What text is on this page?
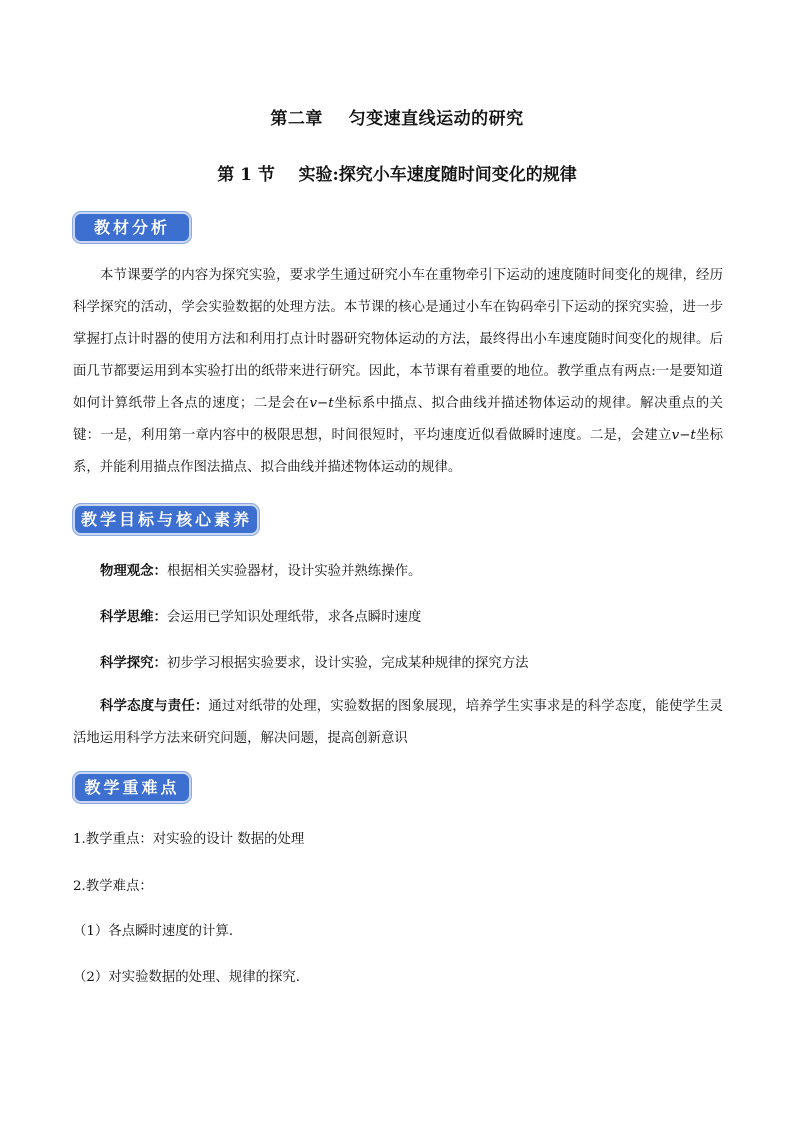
第二章    匀变速直线运动的研究
第 1 节    实验:探究小车速度随时间变化的规律
教材分析
本节课要学的内容为探究实验，要求学生通过研究小车在重物牵引下运动的速度随时间变化的规律，经历科学探究的活动，学会实验数据的处理方法。本节课的核心是通过小车在钩码牵引下运动的探究实验，进一步掌握打点计时器的使用方法和利用打点计时器研究物体运动的方法，最终得出小车速度随时间变化的规律。后面几节都要运用到本实验打出的纸带来进行研究。因此，本节课有着重要的地位。教学重点有两点:一是要知道如何计算纸带上各点的速度；二是会在v−t坐标系中描点、拟合曲线并描述物体运动的规律。解决重点的关键：一是，利用第一章内容中的极限思想，时间很短时，平均速度近似看做瞬时速度。二是，会建立v−t坐标系，并能利用描点作图法描点、拟合曲线并描述物体运动的规律。
教学目标与核心素养
物理观念：根据相关实验器材，设计实验并熟练操作。
科学思维：会运用已学知识处理纸带，求各点瞬时速度
科学探究：初步学习根据实验要求，设计实验，完成某种规律的探究方法
科学态度与责任：通过对纸带的处理，实验数据的图象展现，培养学生实事求是的科学态度，能使学生灵活地运用科学方法来研究问题，解决问题，提高创新意识
教学重难点
1.教学重点：对实验的设计 数据的处理
2.教学难点：
（1）各点瞬时速度的计算．
（2）对实验数据的处理、规律的探究．
